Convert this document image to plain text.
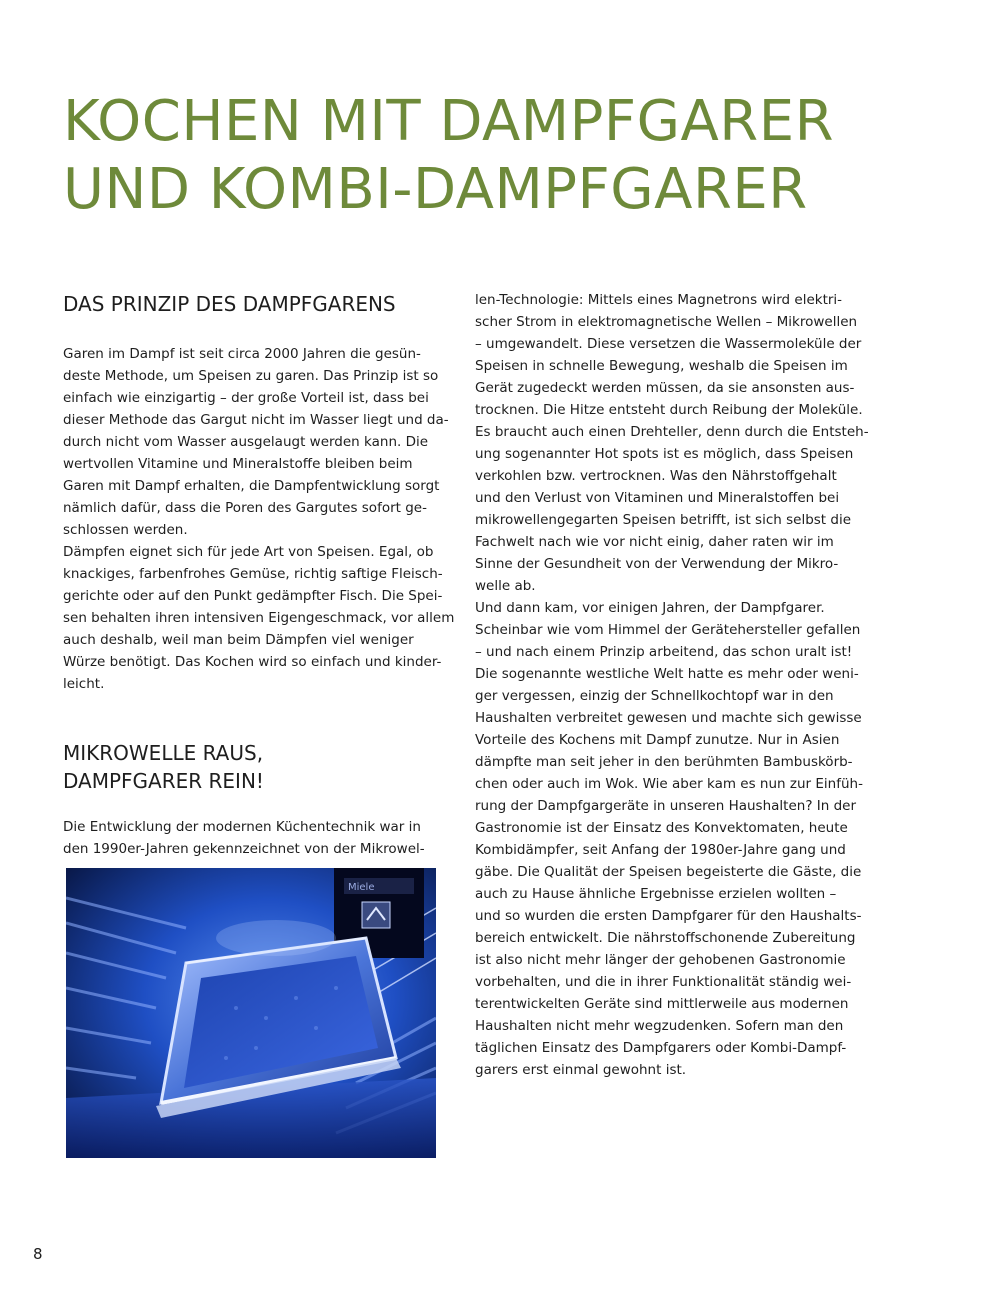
KOCHEN MIT DAMPFGARER
UND KOMBI-DAMPFGARER
DAS PRINZIP DES DAMPFGARENS
Garen im Dampf ist seit circa 2000 Jahren die gesün-
deste Methode, um Speisen zu garen. Das Prinzip ist so
einfach wie einzigartig – der große Vorteil ist, dass bei
dieser Methode das Gargut nicht im Wasser liegt und da-
durch nicht vom Wasser ausgelaugt werden kann. Die
wertvollen Vitamine und Mineralstoffe bleiben beim
Garen mit Dampf erhalten, die Dampfentwicklung sorgt
nämlich dafür, dass die Poren des Gargutes sofort ge-
schlossen werden.
Dämpfen eignet sich für jede Art von Speisen. Egal, ob
knackiges, farbenfrohes Gemüse, richtig saftige Fleisch-
gerichte oder auf den Punkt gedämpfter Fisch. Die Spei-
sen behalten ihren intensiven Eigengeschmack, vor allem
auch deshalb, weil man beim Dämpfen viel weniger
Würze benötigt. Das Kochen wird so einfach und kinder-
leicht.
MIKROWELLE RAUS,
DAMPFGARER REIN!
Die Entwicklung der modernen Küchentechnik war in
den 1990er-Jahren gekennzeichnet von der Mikrowel-
Miele
len-Technologie: Mittels eines Magnetrons wird elektri-
scher Strom in elektromagnetische Wellen – Mikrowellen
– umgewandelt. Diese versetzen die Wassermoleküle der
Speisen in schnelle Bewegung, weshalb die Speisen im
Gerät zugedeckt werden müssen, da sie ansonsten aus-
trocknen. Die Hitze entsteht durch Reibung der Moleküle.
Es braucht auch einen Drehteller, denn durch die Entsteh-
ung sogenannter Hot spots ist es möglich, dass Speisen
verkohlen bzw. vertrocknen. Was den Nährstoffgehalt
und den Verlust von Vitaminen und Mineralstoffen bei
mikrowellengegarten Speisen betrifft, ist sich selbst die
Fachwelt nach wie vor nicht einig, daher raten wir im
Sinne der Gesundheit von der Verwendung der Mikro-
welle ab.
Und dann kam, vor einigen Jahren, der Dampfgarer.
Scheinbar wie vom Himmel der Gerätehersteller gefallen
– und nach einem Prinzip arbeitend, das schon uralt ist!
Die sogenannte westliche Welt hatte es mehr oder weni-
ger vergessen, einzig der Schnellkochtopf war in den
Haushalten verbreitet gewesen und machte sich gewisse
Vorteile des Kochens mit Dampf zunutze. Nur in Asien
dämpfte man seit jeher in den berühmten Bambuskörb-
chen oder auch im Wok. Wie aber kam es nun zur Einfüh-
rung der Dampfgargeräte in unseren Haushalten? In der
Gastronomie ist der Einsatz des Konvektomaten, heute
Kombidämpfer, seit Anfang der 1980er-Jahre gang und
gäbe. Die Qualität der Speisen begeisterte die Gäste, die
auch zu Hause ähnliche Ergebnisse erzielen wollten –
und so wurden die ersten Dampfgarer für den Haushalts-
bereich entwickelt. Die nährstoffschonende Zubereitung
ist also nicht mehr länger der gehobenen Gastronomie
vorbehalten, und die in ihrer Funktionalität ständig wei-
terentwickelten Geräte sind mittlerweile aus modernen
Haushalten nicht mehr wegzudenken. Sofern man den
täglichen Einsatz des Dampfgarers oder Kombi-Dampf-
garers erst einmal gewohnt ist.
8
